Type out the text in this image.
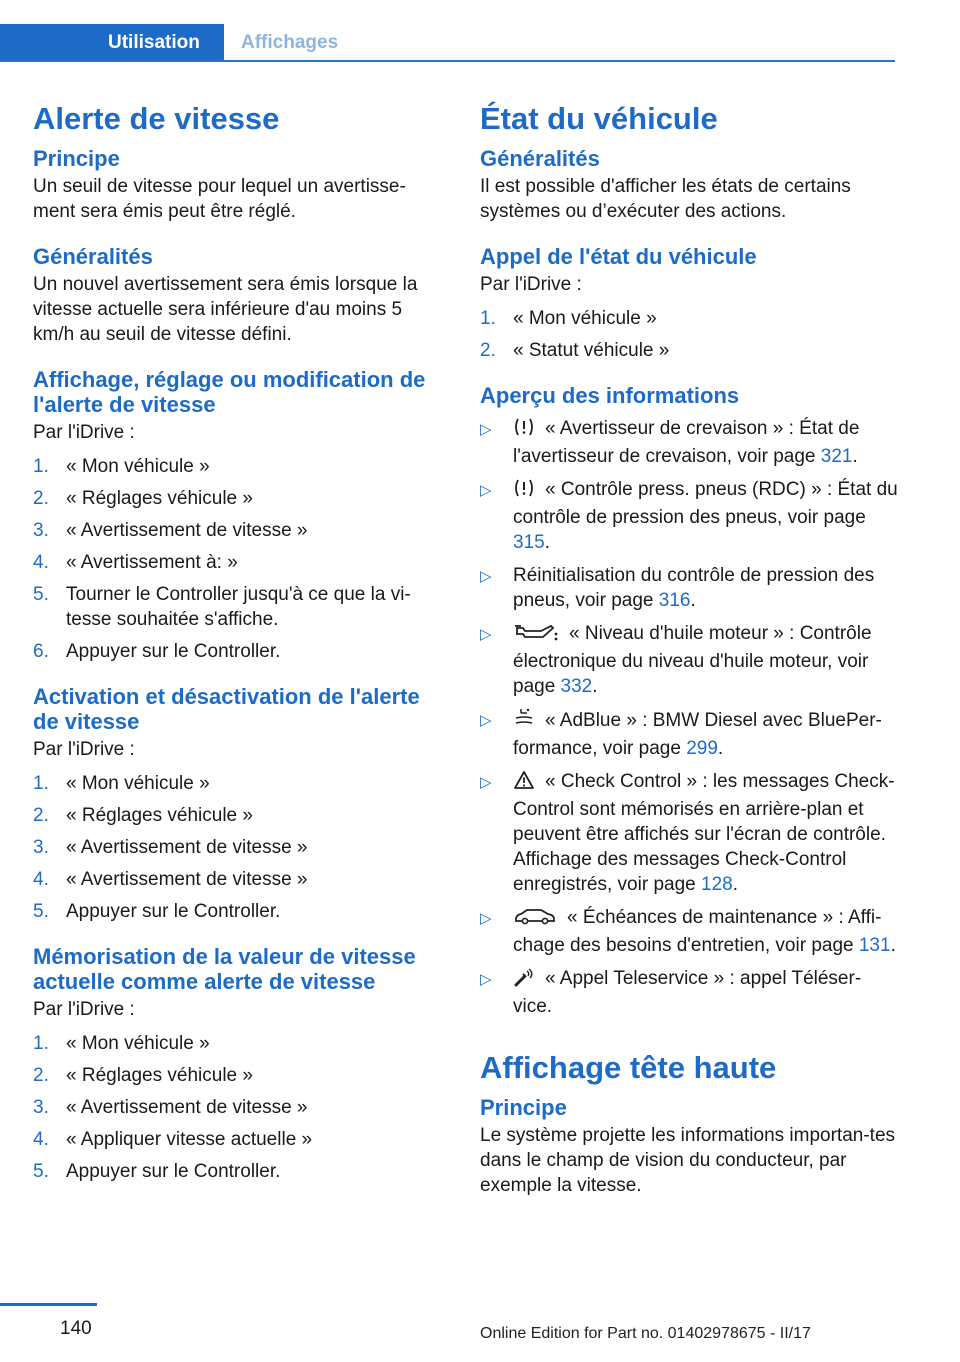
Utilisation	Affichages
Alerte de vitesse
Principe

Un seuil de vitesse pour lequel un avertisse-ment sera émis peut être réglé.

Généralités

Un nouvel avertissement sera émis lorsque la vitesse actuelle sera inférieure d'au moins 5 km/h au seuil de vitesse défini.

Affichage, réglage ou modification de l'alerte de vitesse

Par l'iDrive :

1. « Mon véhicule »
2. « Réglages véhicule »
3. « Avertissement de vitesse »
4. « Avertissement à: »
5. Tourner le Controller jusqu'à ce que la vi-tesse souhaitée s'affiche.
6. Appuyer sur le Controller.
Activation et désactivation de l'alerte de vitesse

Par l'iDrive :

1. « Mon véhicule »
2. « Réglages véhicule »
3. « Avertissement de vitesse »
4. « Avertissement de vitesse »
5. Appuyer sur le Controller.
Mémorisation de la valeur de vitesse actuelle comme alerte de vitesse

Par l'iDrive :

1. « Mon véhicule »
2. « Réglages véhicule »
3. « Avertissement de vitesse »
4. « Appliquer vitesse actuelle »
5. Appuyer sur le Controller.
État du véhicule
Généralités

Il est possible d'afficher les états de certains systèmes ou d’exécuter des actions.

Appel de l'état du véhicule

Par l'iDrive :

1. « Mon véhicule »
2. « Statut véhicule »
Aperçu des informations
▷	« Avertisseur de crevaison » : État de l'avertisseur de crevaison, voir page 321.
▷	« Contrôle press. pneus (RDC) » : État du contrôle de pression des pneus, voir page 315.
▷ Réinitialisation du contrôle de pression des pneus, voir page 316.
▷	« Niveau d'huile moteur » : Contrôle électronique du niveau d'huile moteur, voir page 332.
▷	« AdBlue » : BMW Diesel avec BluePer-formance, voir page 299.
▷	« Check Control » : les messages Check-Control sont mémorisés en arrière-plan et peuvent être affichés sur l'écran de contrôle. Affichage des messages Check-Control enregistrés, voir page 128.
▷	« Échéances de maintenance » : Affi-chage des besoins d'entretien, voir page 131.
▷	« Appel Teleservice » : appel Téléser-vice.
Affichage tête haute
Principe

Le système projette les informations importan-tes dans le champ de vision du conducteur, par exemple la vitesse.

140	Online Edition for Part no. 01402978675 - II/17
